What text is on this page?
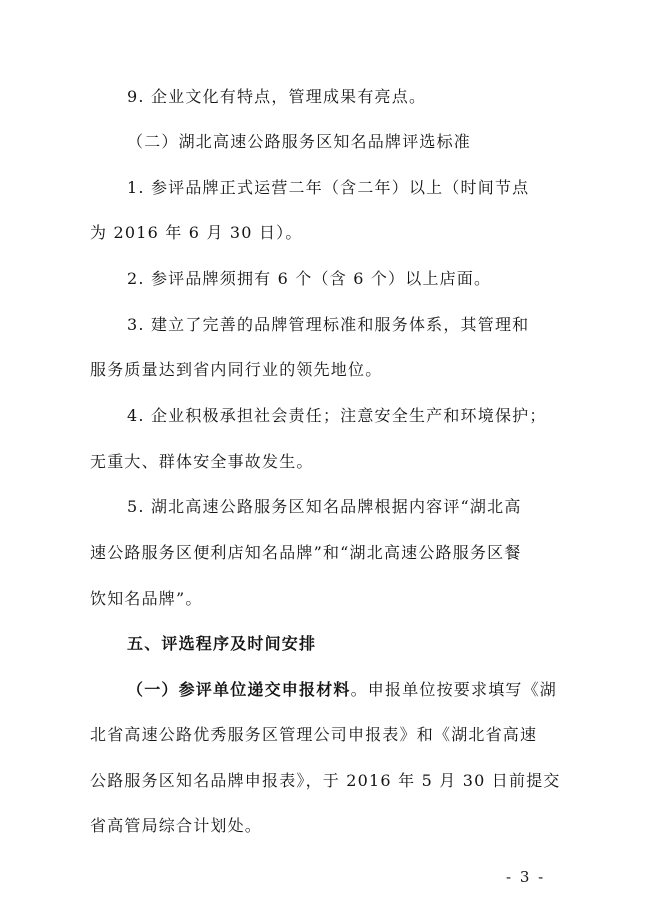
9. 企业文化有特点，管理成果有亮点。
（二）湖北高速公路服务区知名品牌评选标准
1. 参评品牌正式运营二年（含二年）以上（时间节点
为 2016 年 6 月 30 日）。
2. 参评品牌须拥有 6 个（含 6 个）以上店面。
3. 建立了完善的品牌管理标准和服务体系，其管理和
服务质量达到省内同行业的领先地位。
4. 企业积极承担社会责任；注意安全生产和环境保护；
无重大、群体安全事故发生。
5. 湖北高速公路服务区知名品牌根据内容评“湖北高
速公路服务区便利店知名品牌”和“湖北高速公路服务区餐
饮知名品牌”。
五、评选程序及时间安排
（一）参评单位递交申报材料。申报单位按要求填写《湖
北省高速公路优秀服务区管理公司申报表》和《湖北省高速
公路服务区知名品牌申报表》，于 2016 年 5 月 30 日前提交
省高管局综合计划处。
- 3 -
